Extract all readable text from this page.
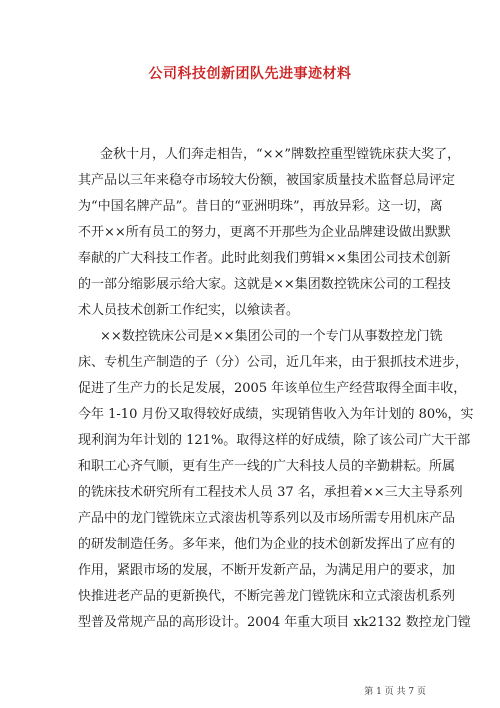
公司科技创新团队先进事迹材料
金秋十月，人们奔走相告，“××”牌数控重型镗铣床获大奖了，
其产品以三年来稳夺市场较大份额，被国家质量技术监督总局评定
为“中国名牌产品”。昔日的“亚洲明珠”，再放异彩。这一切，离
不开××所有员工的努力，更离不开那些为企业品牌建设做出默默
奉献的广大科技工作者。此时此刻我们剪辑××集团公司技术创新
的一部分缩影展示给大家。这就是××集团数控铣床公司的工程技
术人员技术创新工作纪实，以飨读者。
××数控铣床公司是××集团公司的一个专门从事数控龙门铣
床、专机生产制造的子（分）公司，近几年来，由于狠抓技术进步，
促进了生产力的长足发展，2005 年该单位生产经营取得全面丰收，
今年 1-10 月份又取得较好成绩，实现销售收入为年计划的 80%，实
现利润为年计划的 121%。取得这样的好成绩，除了该公司广大干部
和职工心齐气顺，更有生产一线的广大科技人员的辛勤耕耘。所属
的铣床技术研究所有工程技术人员 37 名，承担着××三大主导系列
产品中的龙门镗铣床立式滚齿机等系列以及市场所需专用机床产品
的研发制造任务。多年来，他们为企业的技术创新发挥出了应有的
作用，紧跟市场的发展，不断开发新产品，为满足用户的要求，加
快推进老产品的更新换代，不断完善龙门镗铣床和立式滚齿机系列
型普及常规产品的高形设计。2004 年重大项目 xk2132 数控龙门镗
第 1 页 共 7 页
